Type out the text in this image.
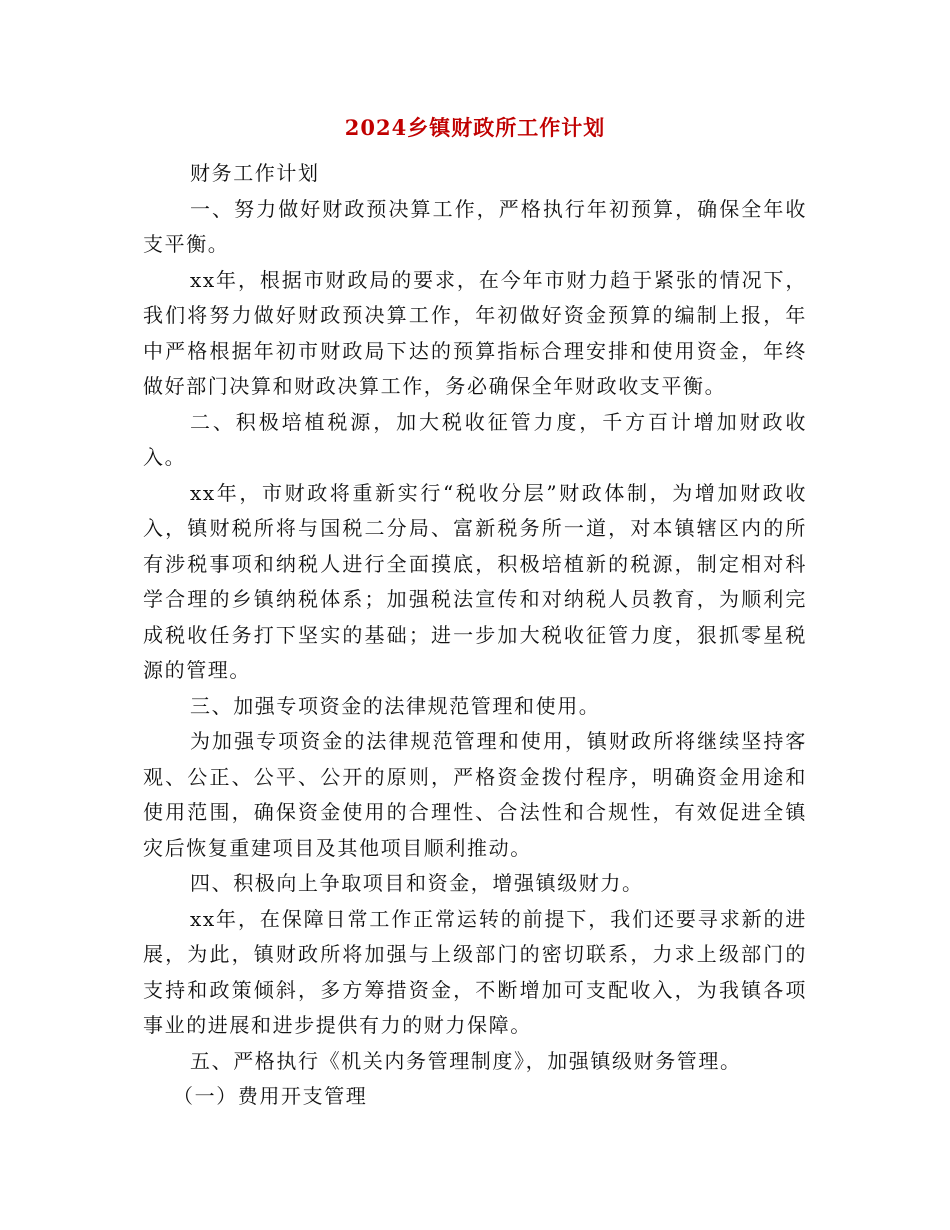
2024乡镇财政所工作计划

财务工作计划

一、努力做好财政预决算工作，严格执行年初预算，确保全年收支平衡。

xx年，根据市财政局的要求，在今年市财力趋于紧张的情况下，我们将努力做好财政预决算工作，年初做好资金预算的编制上报，年中严格根据年初市财政局下达的预算指标合理安排和使用资金，年终做好部门决算和财政决算工作，务必确保全年财政收支平衡。

二、积极培植税源，加大税收征管力度，千方百计增加财政收入。

xx年，市财政将重新实行“税收分层”财政体制，为增加财政收入，镇财税所将与国税二分局、富新税务所一道，对本镇辖区内的所有涉税事项和纳税人进行全面摸底，积极培植新的税源，制定相对科学合理的乡镇纳税体系；加强税法宣传和对纳税人员教育，为顺利完成税收任务打下坚实的基础；进一步加大税收征管力度，狠抓零星税源的管理。

三、加强专项资金的法律规范管理和使用。

为加强专项资金的法律规范管理和使用，镇财政所将继续坚持客观、公正、公平、公开的原则，严格资金拨付程序，明确资金用途和使用范围，确保资金使用的合理性、合法性和合规性，有效促进全镇灾后恢复重建项目及其他项目顺利推动。

四、积极向上争取项目和资金，增强镇级财力。

xx年，在保障日常工作正常运转的前提下，我们还要寻求新的进展，为此，镇财政所将加强与上级部门的密切联系，力求上级部门的支持和政策倾斜，多方筹措资金，不断增加可支配收入，为我镇各项事业的进展和进步提供有力的财力保障。

五、严格执行《机关内务管理制度》，加强镇级财务管理。

（一）费用开支管理
